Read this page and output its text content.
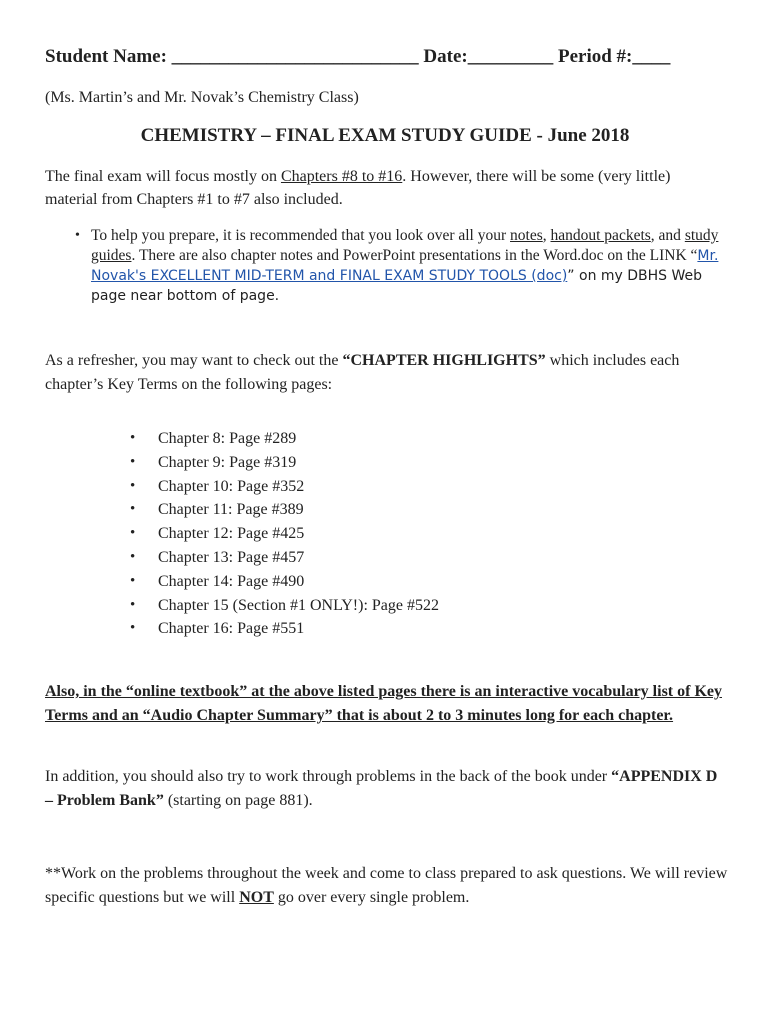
Student Name: __________________________ Date:_________ Period #:____
(Ms. Martin’s and Mr. Novak’s Chemistry Class)
CHEMISTRY – FINAL EXAM STUDY GUIDE - June 2018
The final exam will focus mostly on Chapters #8 to #16. However, there will be some (very little) material from Chapters #1 to #7 also included.
• To help you prepare, it is recommended that you look over all your notes, handout packets, and study guides. There are also chapter notes and PowerPoint presentations in the Word.doc on the LINK “Mr. Novak's EXCELLENT MID-TERM and FINAL EXAM STUDY TOOLS (doc)” on my DBHS Web page near bottom of page.
As a refresher, you may want to check out the “CHAPTER HIGHLIGHTS” which includes each chapter’s Key Terms on the following pages:
• Chapter 8: Page #289
• Chapter 9: Page #319
• Chapter 10: Page #352
• Chapter 11: Page #389
• Chapter 12: Page #425
• Chapter 13: Page #457
• Chapter 14: Page #490
• Chapter 15 (Section #1 ONLY!): Page #522
• Chapter 16: Page #551
Also, in the “online textbook” at the above listed pages there is an interactive vocabulary list of Key Terms and an “Audio Chapter Summary” that is about 2 to 3 minutes long for each chapter.
In addition, you should also try to work through problems in the back of the book under “APPENDIX D – Problem Bank” (starting on page 881).
**Work on the problems throughout the week and come to class prepared to ask questions. We will review specific questions but we will NOT go over every single problem.
